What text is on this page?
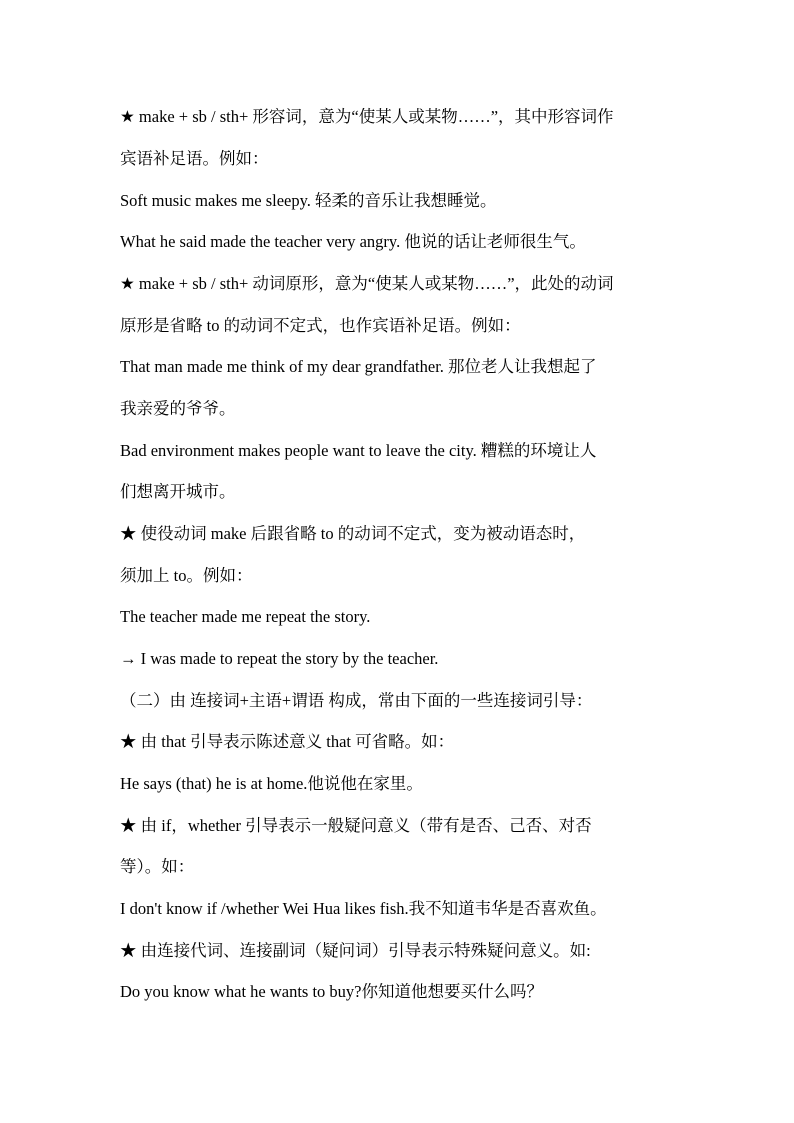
★ make + sb / sth+ 形容词，意为“使某人或某物……”，其中形容词作
宾语补足语。例如：
Soft music makes me sleepy. 轻柔的音乐让我想睡觉。
What he said made the teacher very angry. 他说的话让老师很生气。
★ make + sb / sth+ 动词原形，意为“使某人或某物……”，此处的动词
原形是省略 to 的动词不定式，也作宾语补足语。例如：
That man made me think of my dear grandfather. 那位老人让我想起了
我亲爱的爷爷。
Bad environment makes people want to leave the city. 糟糕的环境让人
们想离开城市。
★ 使役动词 make 后跟省略 to 的动词不定式，变为被动语态时，
须加上 to。例如：
The teacher made me repeat the story.
→ I was made to repeat the story by the teacher.
（二）由 连接词+主语+谓语 构成，常由下面的一些连接词引导：
★ 由 that 引导表示陈述意义 that 可省略。如：
He says (that) he is at home.他说他在家里。
★ 由 if，whether 引导表示一般疑问意义（带有是否、己否、对否
等）。如：
I don't know if /whether Wei Hua likes fish.我不知道韦华是否喜欢鱼。
★ 由连接代词、连接副词（疑问词）引导表示特殊疑问意义。如:
Do you know what he wants to buy?你知道他想要买什么吗？
